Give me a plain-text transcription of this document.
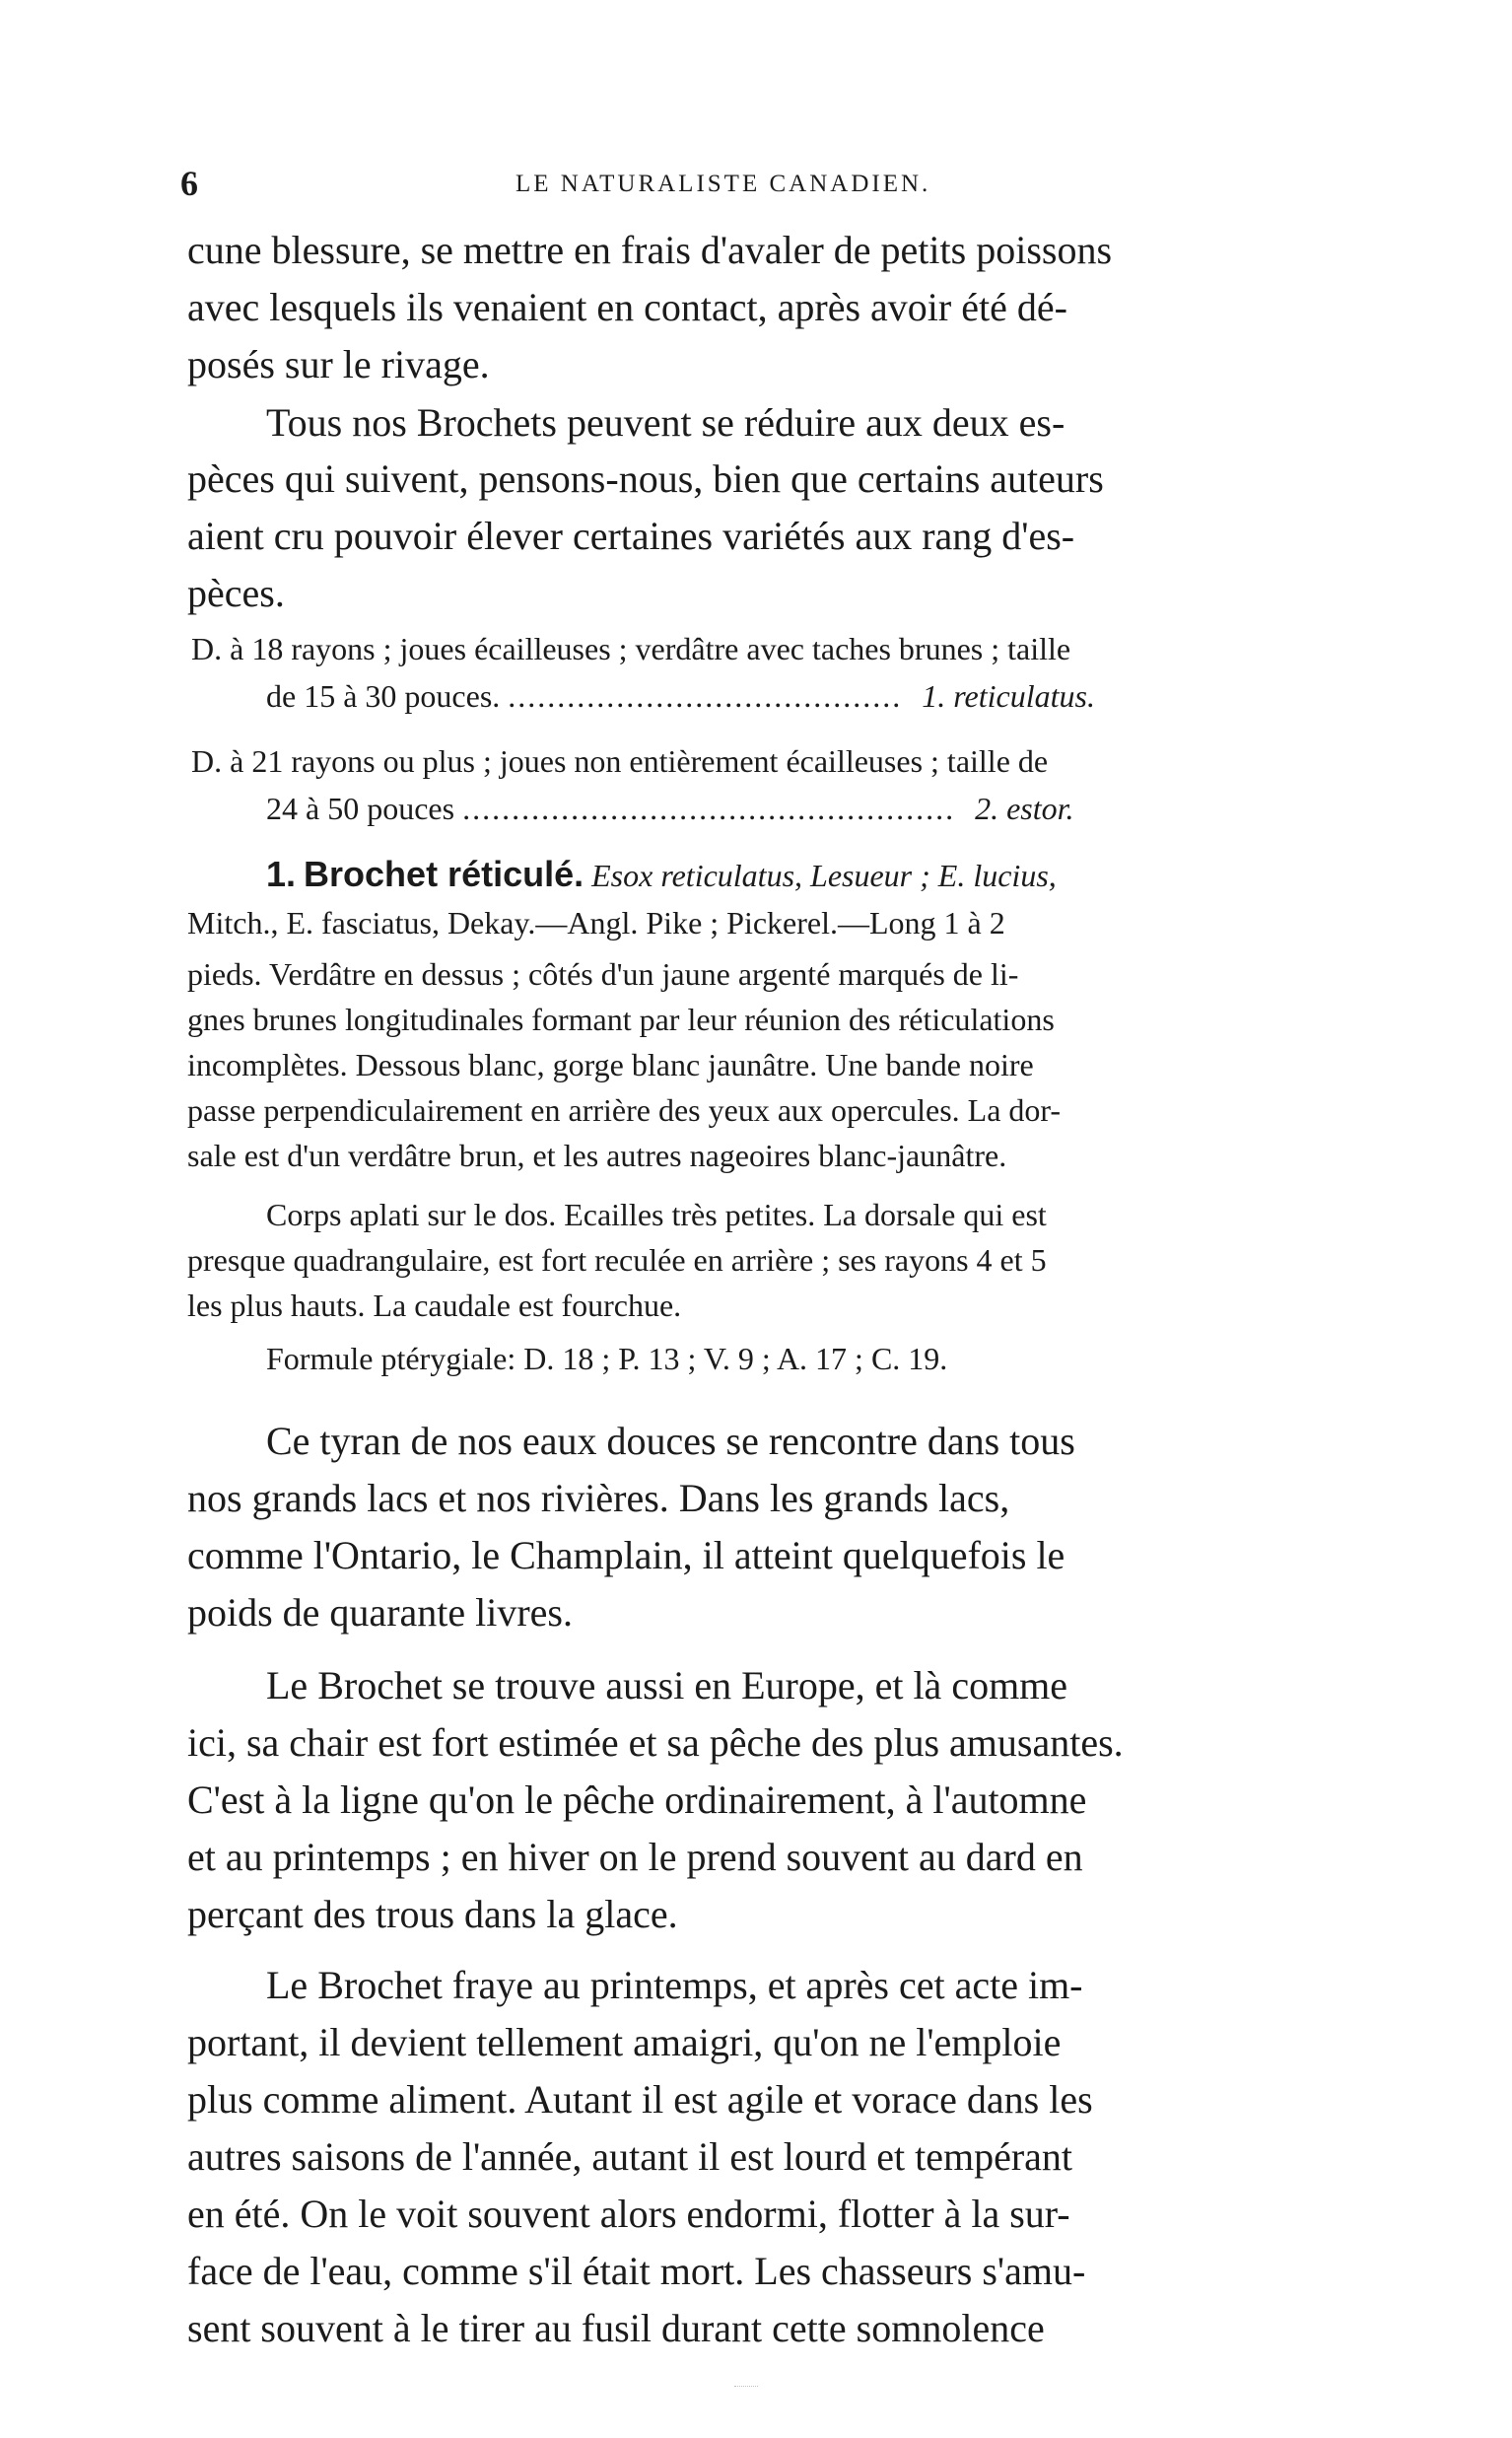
6	LE NATURALISTE CANADIEN.
cune blessure, se mettre en frais d'avaler de petits poissons
avec lesquels ils venaient en contact, après avoir été dé-
posés sur le rivage.
Tous nos Brochets peuvent se réduire aux deux es-
pèces qui suivent, pensons-nous, bien que certains auteurs
aient cru pouvoir élever certaines variétés aux rang d'es-
pèces.
D. à 18 rayons ; joues écailleuses ; verdâtre avec taches brunes ; taille
de 15 à 30 pouces. ........................................ 1. reticulatus.
D. à 21 rayons ou plus ; joues non entièrement écailleuses ; taille de
24 à 50 pouces .................................................. 2. estor.
1. Brochet réticulé. Esox reticulatus, Lesueur ; E. lucius,
Mitch., E. fasciatus, Dekay.—Angl. Pike ; Pickerel.—Long 1 à 2
pieds. Verdâtre en dessus ; côtés d'un jaune argenté marqués de li-
gnes brunes longitudinales formant par leur réunion des réticulations
incomplètes. Dessous blanc, gorge blanc jaunâtre. Une bande noire
passe perpendiculairement en arrière des yeux aux opercules. La dor-
sale est d'un verdâtre brun, et les autres nageoires blanc-jaunâtre.
Corps aplati sur le dos. Ecailles très petites. La dorsale qui est
presque quadrangulaire, est fort reculée en arrière ; ses rayons 4 et 5
les plus hauts. La caudale est fourchue.
Formule ptérygiale: D. 18 ; P. 13 ; V. 9 ; A. 17 ; C. 19.
Ce tyran de nos eaux douces se rencontre dans tous
nos grands lacs et nos rivières. Dans les grands lacs,
comme l'Ontario, le Champlain, il atteint quelquefois le
poids de quarante livres.
Le Brochet se trouve aussi en Europe, et là comme
ici, sa chair est fort estimée et sa pêche des plus amusantes.
C'est à la ligne qu'on le pêche ordinairement, à l'automne
et au printemps ; en hiver on le prend souvent au dard en
perçant des trous dans la glace.
Le Brochet fraye au printemps, et après cet acte im-
portant, il devient tellement amaigri, qu'on ne l'emploie
plus comme aliment. Autant il est agile et vorace dans les
autres saisons de l'année, autant il est lourd et tempérant
en été. On le voit souvent alors endormi, flotter à la sur-
face de l'eau, comme s'il était mort. Les chasseurs s'amu-
sent souvent à le tirer au fusil durant cette somnolence
